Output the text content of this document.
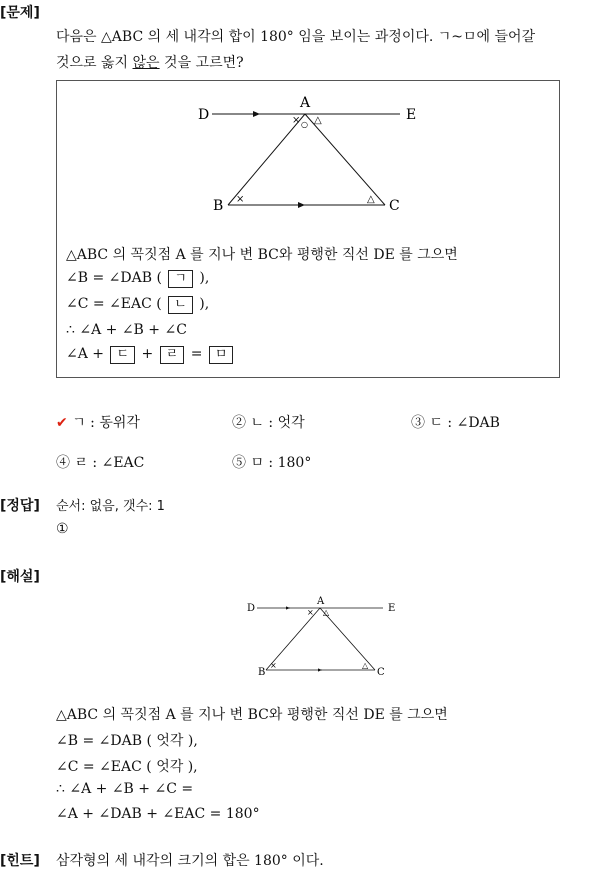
[문제]
다음은 △ABC 의 세 내각의 합이 180° 임을 보이는 과정이다. ㄱ~ㅁ에 들어갈
것으로 옳지 않은 것을 고르면?
× △
○
×	△
D
A
E
B	C
△ABC 의 꼭짓점 A 를 지나 변 BC와 평행한 직선 DE 를 그으면
∠B = ∠DAB ( ㄱ ),
∠C = ∠EAC ( ㄴ ),
∴ ∠A + ∠B + ∠C
∠A + ㄷ + ㄹ = ㅁ
✔ ㄱ : 동위각	② ㄴ : 엇각	③ ㄷ : ∠DAB
④ ㄹ : ∠EAC	⑤ ㅁ : 180°
[정답] 순서: 없음, 갯수: 1
①
[해설]
× △
×	△
D
A
E
B	C
△ABC 의 꼭짓점 A 를 지나 변 BC와 평행한 직선 DE 를 그으면
∠B = ∠DAB ( 엇각 ),
∠C = ∠EAC ( 엇각 ),
∴ ∠A + ∠B + ∠C =
∠A + ∠DAB + ∠EAC = 180°
[힌트] 삼각형의 세 내각의 크기의 합은 180° 이다.
